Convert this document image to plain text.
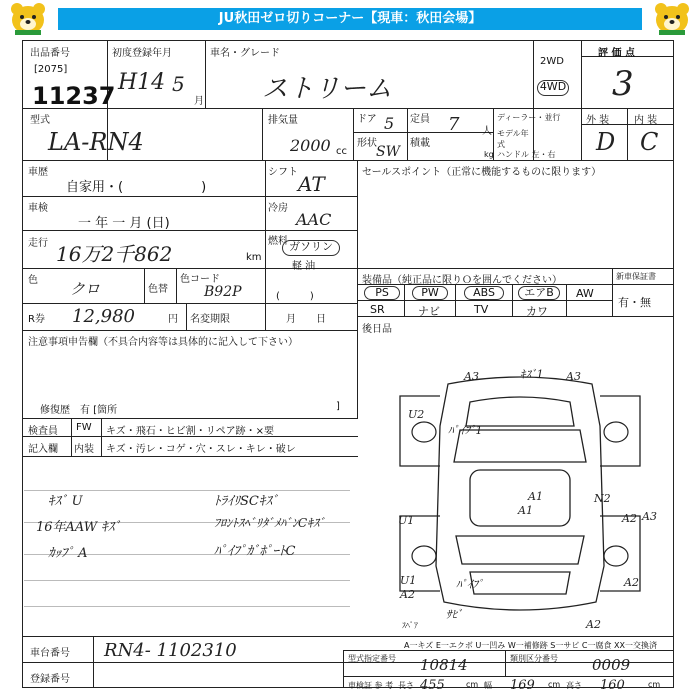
JU秋田ゼロ切りコーナー【現車：秋田会場】
出品番号
[2075]
11237
初度登録年月
H14 5
月
車名・グレード
ストリーム
2WD
4WD
評 価 点
3
外 装 内 装
D C
型式
LA-RN4
排気量
2000 cc
ドア 5 定員 7 人
形状
SW
積載
kg
ディーラー・並行
モデル年式
ハンドル 左・右
車歴
自家用・(　　　　　　)
シフト AT
車検
一 年 一 月 (日)
冷房
AAC
走行 16万2千862	km
燃料 ガソリン
軽 油
(　　　)
色 クロ	色替
色コード
B92P
R券 12,980	円 名変期限	月　　日
セールスポイント（正常に機能するものに限ります）
装備品（純正品に限りＯを囲んでください）	新車保証書
PS	PW	ABS	エアB	AW
SR	ナビ	TV	カワ
有・無
後日品
注意事項申告欄（不具合内容等は具体的に記入して下さい）
修復歴　有 [箇所	]
検査員
記入欄
FW キズ・飛石・ヒビ割・リペア跡・×要
内装 キズ・汚レ・コゲ・穴・スレ・キレ・破レ
ｷｽﾞ U
16年AAW ｷｽﾞ
ｶｯﾌﾟ A
ﾄﾗｲﾘSCｷｽﾞ
ﾌﾛﾝﾄｽﾍﾞﾘﾀﾞﾒﾊﾞﾝCｷｽﾞ
ﾊﾟｲﾌﾟｶﾞﾎﾟｰﾄC
A3	ｷｽﾞ1 A3
U2
ﾊﾟｲﾌﾟ1
A1
A1
N2
A3
U1	A2
U1	ﾊﾟｲﾌﾟ
A2
A2
ｻﾋﾞ
A2
ｽﾍﾟｱ
A一キズ E一エクボ U一凹み W一補修跡 S一サビ C一腐食 XX一交換済
車台番号 RN4- 1102310
登録番号
型式指定番号 10814	類別区分番号 0009
車検証 参 考 長さ 455	cm 幅 169 cm 高さ 160	cm
